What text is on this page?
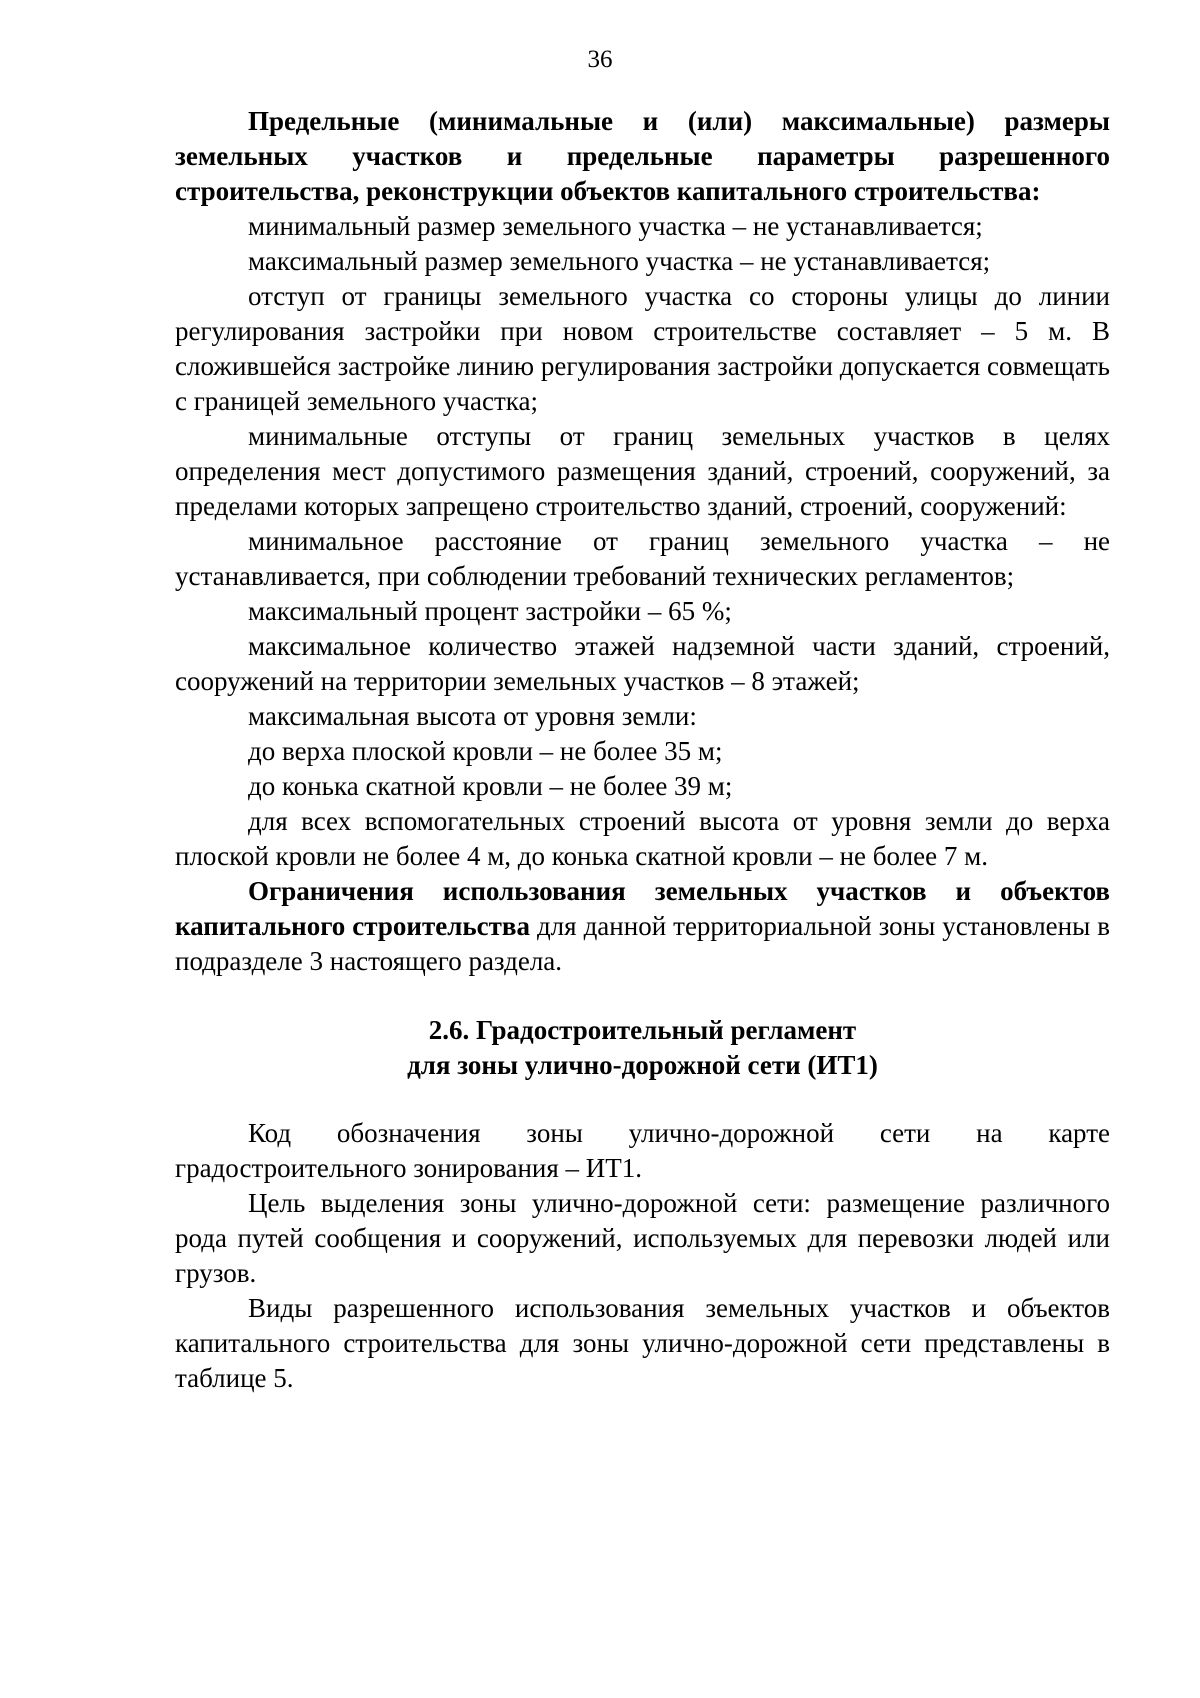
36

Предельные (минимальные и (или) максимальные) размеры земельных участков и предельные параметры разрешенного строительства, реконструкции объектов капитального строительства:

минимальный размер земельного участка – не устанавливается;

максимальный размер земельного участка – не устанавливается;

отступ от границы земельного участка со стороны улицы до линии регулирования застройки при новом строительстве составляет – 5 м. В сложившейся застройке линию регулирования застройки допускается совмещать с границей земельного участка;

минимальные отступы от границ земельных участков в целях определения мест допустимого размещения зданий, строений, сооружений, за пределами которых запрещено строительство зданий, строений, сооружений:

минимальное расстояние от границ земельного участка – не устанавливается, при соблюдении требований технических регламентов;

максимальный процент застройки – 65 %;

максимальное количество этажей надземной части зданий, строений, сооружений на территории земельных участков – 8 этажей;

максимальная высота от уровня земли:

до верха плоской кровли – не более 35 м;

до конька скатной кровли – не более 39 м;

для всех вспомогательных строений высота от уровня земли до верха плоской кровли не более 4 м, до конька скатной кровли – не более 7 м.

Ограничения использования земельных участков и объектов капитального строительства для данной территориальной зоны установлены в подразделе 3 настоящего раздела.

2.6. Градостроительный регламент
для зоны улично-дорожной сети (ИТ1)

Код обозначения зоны улично-дорожной сети на карте градостроительного зонирования – ИТ1.

Цель выделения зоны улично-дорожной сети: размещение различного рода путей сообщения и сооружений, используемых для перевозки людей или грузов.

Виды разрешенного использования земельных участков и объектов капитального строительства для зоны улично-дорожной сети представлены в таблице 5.
